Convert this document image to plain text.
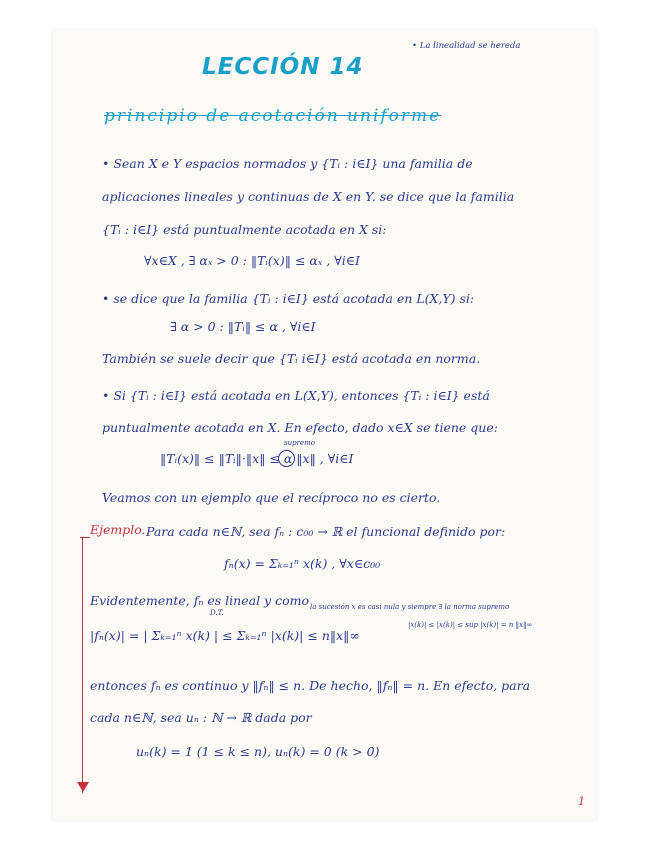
LECCIÓN 14
• La linealidad se hereda
principio de acotación uniforme
• Sean X e Y espacios normados y {Tᵢ : i∈I} una familia de
aplicaciones lineales y continuas de X en Y. se dice que la familia
{Tᵢ : i∈I} está puntualmente acotada en X si:
∀x∈X , ∃ αₓ > 0 : ‖Tᵢ(x)‖ ≤ αₓ , ∀i∈I
• se dice que la familia {Tᵢ : i∈I} está acotada en L(X,Y) si:
∃ α > 0 : ‖Tᵢ‖ ≤ α , ∀i∈I
También se suele decir que {Tᵢ i∈I} está acotada en norma.
• Si {Tᵢ : i∈I} está acotada en L(X,Y), entonces {Tᵢ : i∈I} está
puntualmente acotada en X. En efecto, dado x∈X se tiene que:
supremo
‖Tᵢ(x)‖ ≤ ‖Tᵢ‖·‖x‖ ≤ α ‖x‖ , ∀i∈I
Veamos con un ejemplo que el recíproco no es cierto.
Ejemplo. Para cada n∈ℕ, sea fₙ : c₀₀ → ℝ el funcional definido por:
fₙ(x) = Σₖ₌₁ⁿ x(k) , ∀x∈c₀₀
Evidentemente, fₙ es lineal y como la sucesión x es casi nula y siempre ∃ la norma supremo
|x(k)| ≤ |x(k)| ≤ sup |x(k)| = n ‖x‖∞
D.T.
|fₙ(x)| = | Σₖ₌₁ⁿ x(k) | ≤ Σₖ₌₁ⁿ |x(k)| ≤ n‖x‖∞
entonces fₙ es continuo y ‖fₙ‖ ≤ n. De hecho, ‖fₙ‖ = n. En efecto, para
cada n∈ℕ, sea uₙ : ℕ → ℝ dada por
uₙ(k) = 1 (1 ≤ k ≤ n), uₙ(k) = 0 (k > 0)
1
